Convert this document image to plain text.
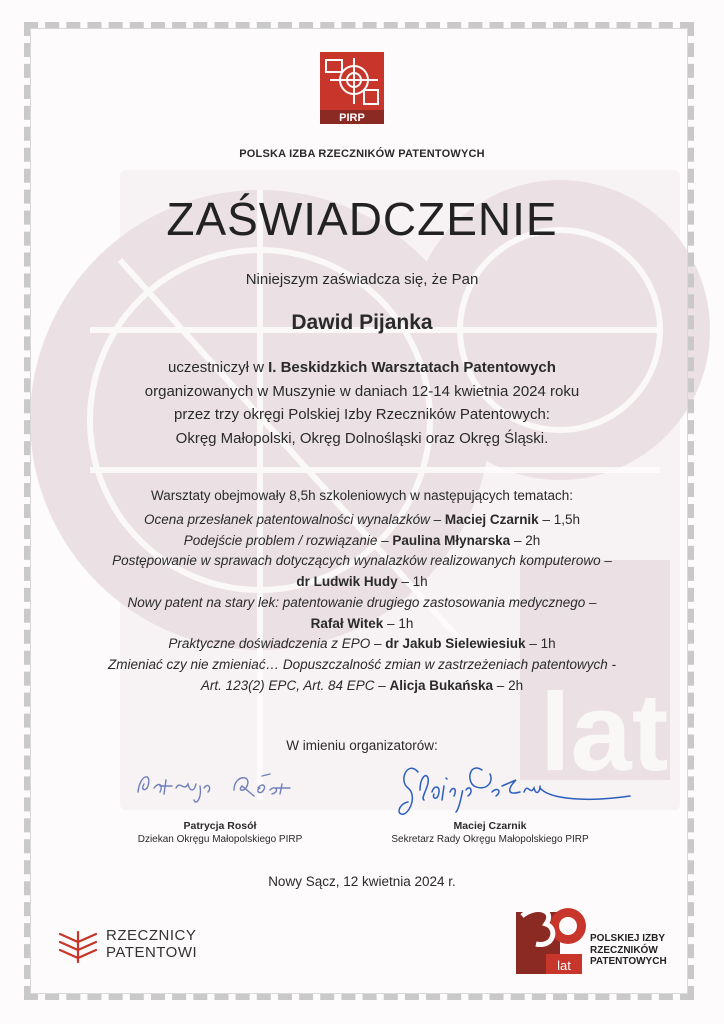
lat
PIRP
POLSKA IZBA RZECZNIKÓW PATENTOWYCH
ZAŚWIADCZENIE
Niniejszym zaświadcza się, że Pan
Dawid Pijanka
uczestniczył w I. Beskidzkich Warsztatach Patentowych
organizowanych w Muszynie w daniach 12-14 kwietnia 2024 roku
przez trzy okręgi Polskiej Izby Rzeczników Patentowych:
Okręg Małopolski, Okręg Dolnośląski oraz Okręg Śląski.
Warsztaty obejmowały 8,5h szkoleniowych w następujących tematach:
Ocena przesłanek patentowalności wynalazków – Maciej Czarnik – 1,5h
Podejście problem / rozwiązanie – Paulina Młynarska – 2h
Postępowanie w sprawach dotyczących wynalazków realizowanych komputerowo –
dr Ludwik Hudy – 1h
Nowy patent na stary lek: patentowanie drugiego zastosowania medycznego –
Rafał Witek – 1h
Praktyczne doświadczenia z EPO – dr Jakub Sielewiesiuk – 1h
Zmieniać czy nie zmieniać… Dopuszczalność zmian w zastrzeżeniach patentowych -
Art. 123(2) EPC, Art. 84 EPC – Alicja Bukańska – 2h
W imieniu organizatorów:
Patrycja Rosół
Dziekan Okręgu Małopolskiego PIRP
Maciej Czarnik
Sekretarz Rady Okręgu Małopolskiego PIRP
Nowy Sącz, 12 kwietnia 2024 r.
RZECZNICY
PATENTOWI
lat
POLSKIEJ IZBY
RZECZNIKÓW
PATENTOWYCH
